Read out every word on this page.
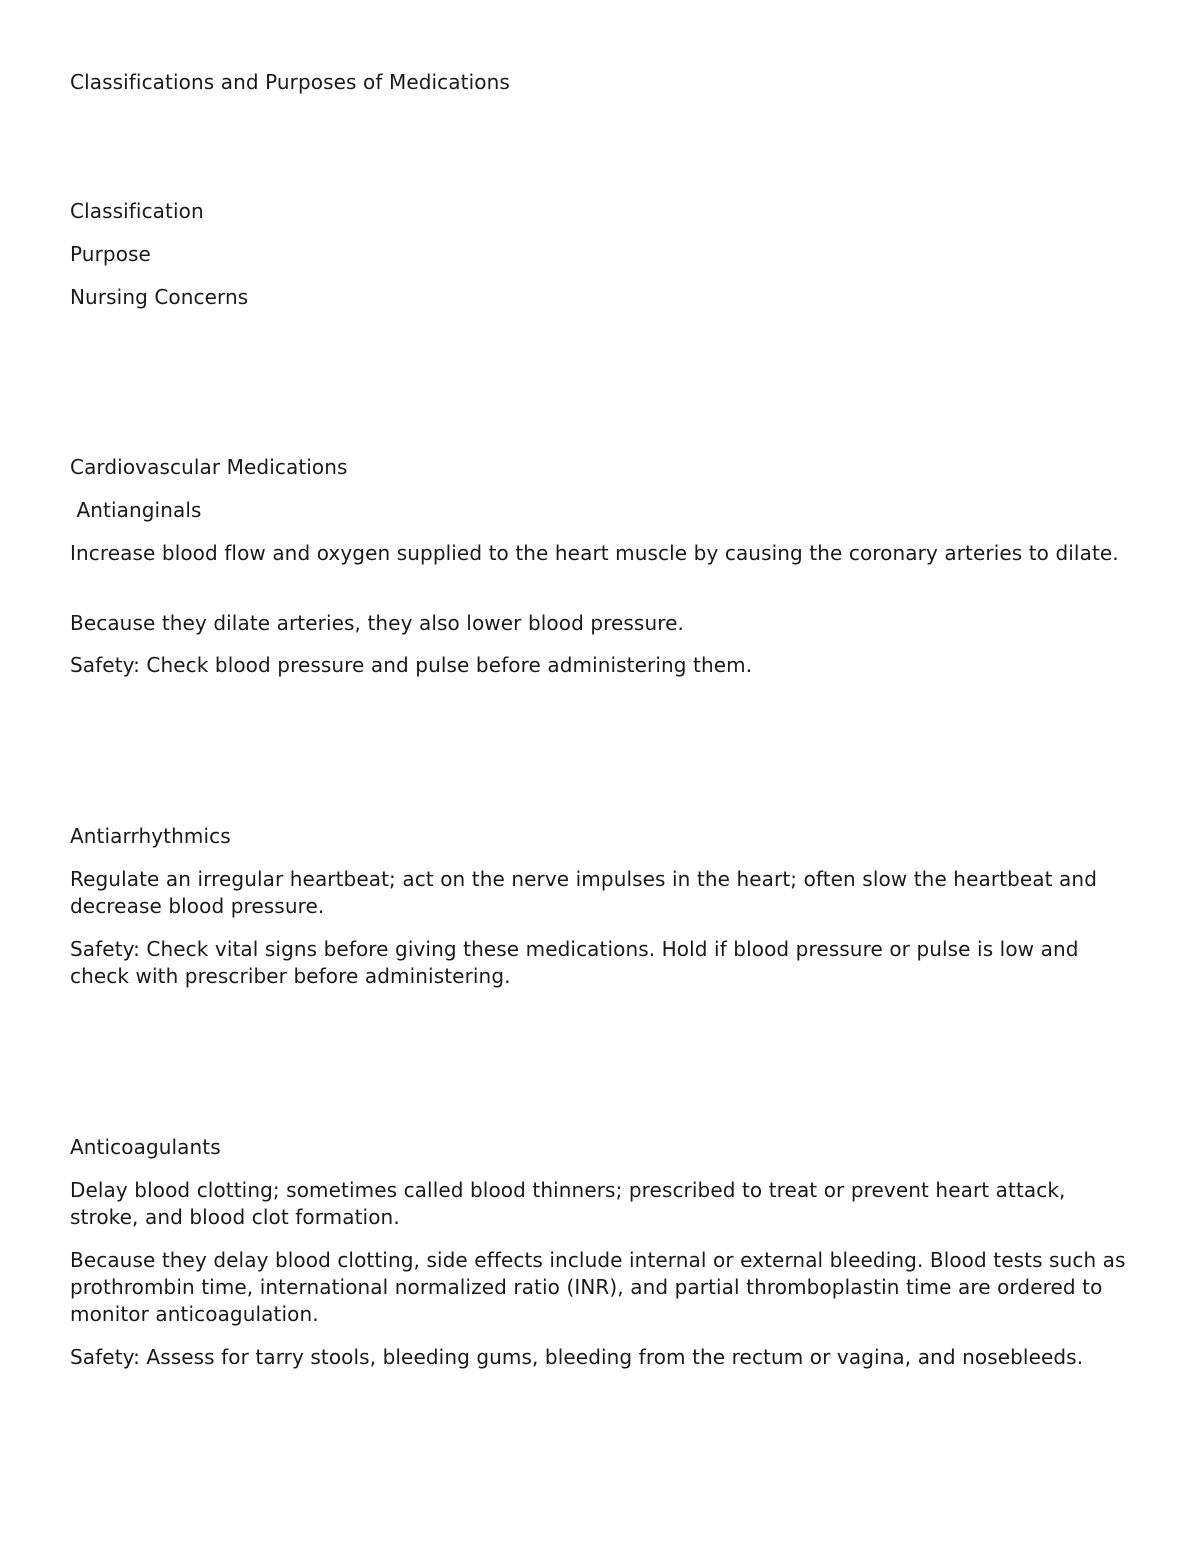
Classifications and Purposes of Medications
Classification
Purpose
Nursing Concerns
Cardiovascular Medications
Antianginals
Increase blood flow and oxygen supplied to the heart muscle by causing the coronary arteries to dilate.
Because they dilate arteries, they also lower blood pressure.
Safety: Check blood pressure and pulse before administering them.
Antiarrhythmics
Regulate an irregular heartbeat; act on the nerve impulses in the heart; often slow the heartbeat and decrease blood pressure.
Safety: Check vital signs before giving these medications. Hold if blood pressure or pulse is low and check with prescriber before administering.
Anticoagulants
Delay blood clotting; sometimes called blood thinners; prescribed to treat or prevent heart attack, stroke, and blood clot formation.
Because they delay blood clotting, side effects include internal or external bleeding. Blood tests such as prothrombin time, international normalized ratio (INR), and partial thromboplastin time are ordered to monitor anticoagulation.
Safety: Assess for tarry stools, bleeding gums, bleeding from the rectum or vagina, and nosebleeds.
